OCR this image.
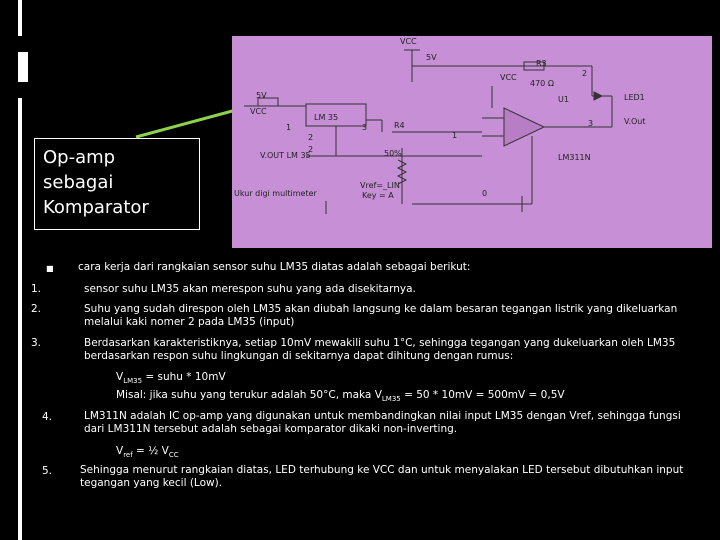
Op-amp sebagai Komparator
VCC
5V
5V
VCC
LM 35
VCC
R3
470 Ω
U1	LED1
V.Out
V.OUT LM 35
R4
50%	LM311N
Ukur digi multimeter
Vref=_LIN
Key = A
1
2
3
2
3
1
0
2
■ cara kerja dari rangkaian sensor suhu LM35 diatas adalah sebagai berikut:
1.	sensor suhu LM35 akan merespon suhu yang ada disekitarnya.
2.	Suhu yang sudah direspon oleh LM35 akan diubah langsung ke dalam besaran tegangan listrik yang dikeluarkan melalui kaki nomer 2 pada LM35 (input)
3.	Berdasarkan karakteristiknya, setiap 10mV mewakili suhu 1°C, sehingga tegangan yang dukeluarkan oleh LM35 berdasarkan respon suhu lingkungan di sekitarnya dapat dihitung dengan rumus:
$V_{LM35}$ = suhu * 10mV
Misal: jika suhu yang terukur adalah 50°C, maka $V_{LM35} = 50 * 10mV = 500mV = 0,5V$
4.	LM311N adalah IC op-amp yang digunakan untuk membandingkan nilai input LM35 dengan Vref, sehingga fungsi dari LM311N tersebut adalah sebagai komparator dikaki non-inverting.
$V_{ref}$ = ½ $V_{CC}$
5.	Sehingga menurut rangkaian diatas, LED terhubung ke VCC dan untuk menyalakan LED tersebut dibutuhkan input tegangan yang kecil (Low).
